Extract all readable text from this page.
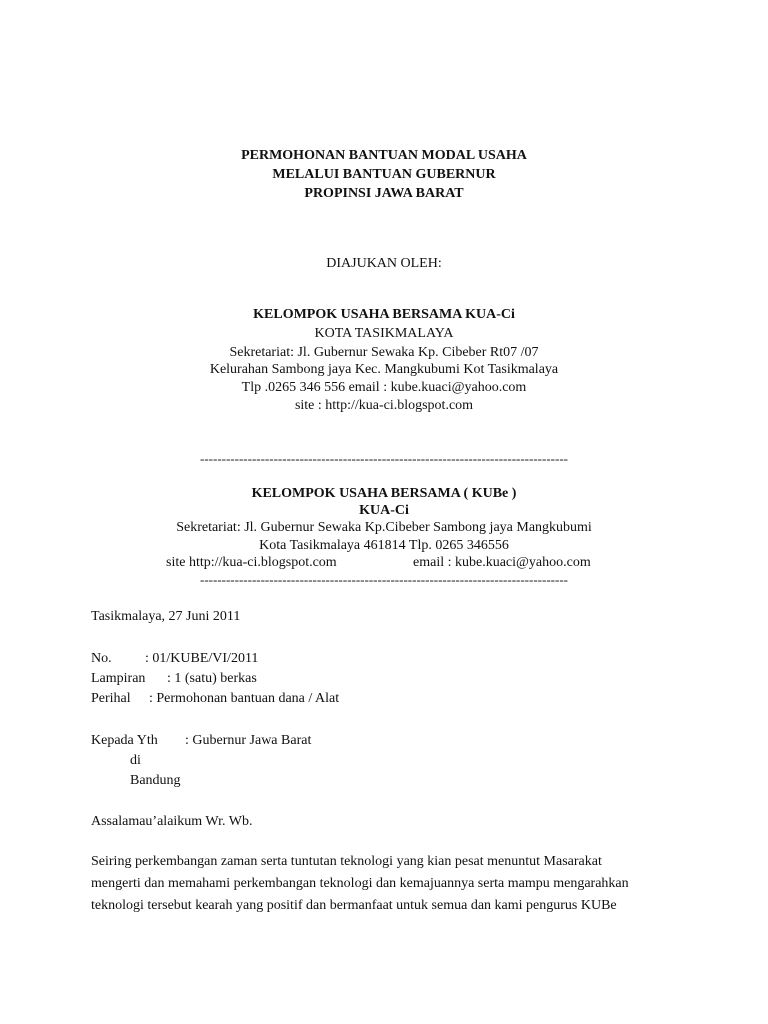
PERMOHONAN BANTUAN MODAL USAHA
MELALUI BANTUAN GUBERNUR
PROPINSI JAWA BARAT
DIAJUKAN OLEH:
KELOMPOK USAHA BERSAMA KUA-Ci
KOTA TASIKMALAYA
Sekretariat: Jl. Gubernur Sewaka Kp. Cibeber Rt07 /07
Kelurahan Sambong jaya Kec. Mangkubumi Kot Tasikmalaya
Tlp .0265 346 556 email : kube.kuaci@yahoo.com
site : http://kua-ci.blogspot.com
-------------------------------------------------------------------------------------
KELOMPOK USAHA BERSAMA ( KUBe )
KUA-Ci
Sekretariat: Jl. Gubernur Sewaka Kp.Cibeber Sambong jaya Mangkubumi
Kota Tasikmalaya 461814 Tlp. 0265 346556
site http://kua-ci.blogspot.com	email : kube.kuaci@yahoo.com
-------------------------------------------------------------------------------------
Tasikmalaya, 27 Juni 2011
No. : 01/KUBE/VI/2011
Lampiran : 1 (satu) berkas
Perihal : Permohonan bantuan dana / Alat
Kepada Yth : Gubernur Jawa Barat
di
Bandung
Assalamau’alaikum Wr. Wb.
Seiring perkembangan zaman serta tuntutan teknologi yang kian pesat menuntut Masarakat
mengerti dan memahami perkembangan teknologi dan kemajuannya serta mampu mengarahkan
teknologi tersebut kearah yang positif dan bermanfaat untuk semua dan kami pengurus KUBe
